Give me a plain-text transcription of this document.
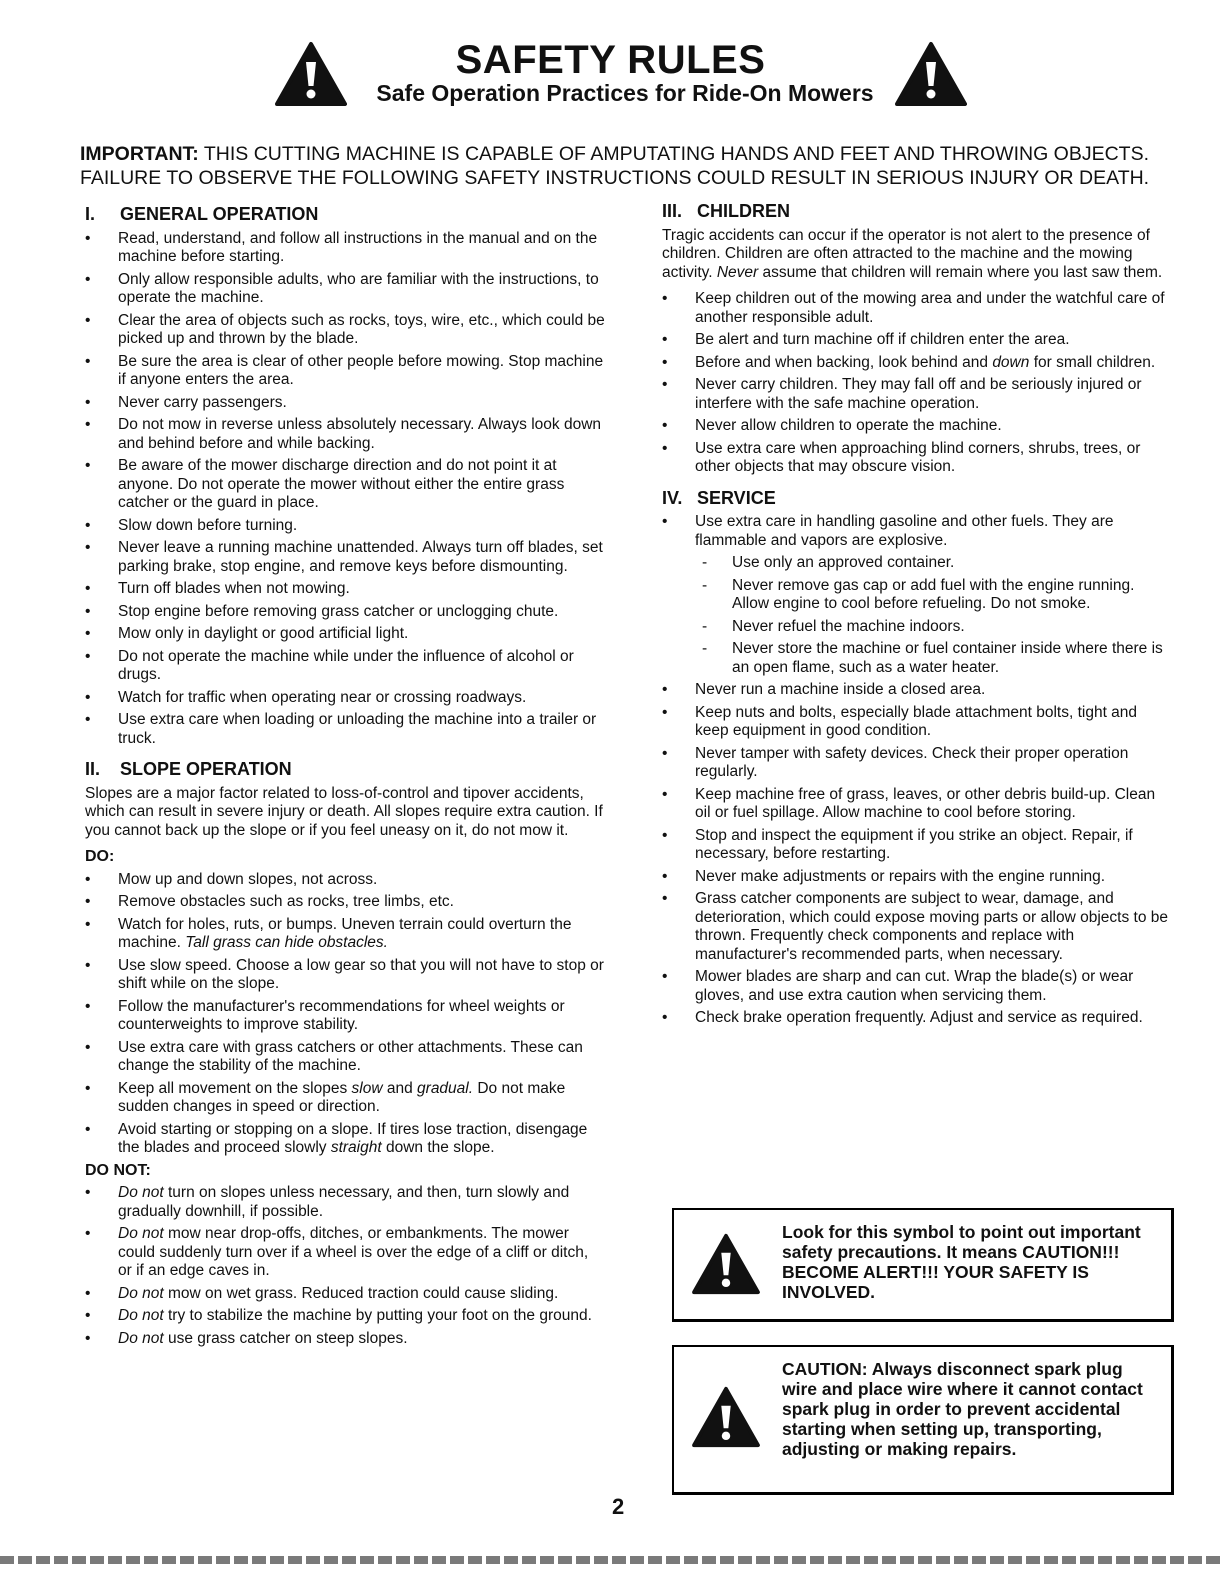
SAFETY RULES
Safe Operation Practices for Ride-On Mowers
IMPORTANT: THIS CUTTING MACHINE IS CAPABLE OF AMPUTATING HANDS AND FEET AND THROWING OBJECTS.
FAILURE TO OBSERVE THE FOLLOWING SAFETY INSTRUCTIONS COULD RESULT IN SERIOUS INJURY OR DEATH.
I.	GENERAL OPERATION
• Read, understand, and follow all instructions in the manual and on the machine before starting.
• Only allow responsible adults, who are familiar with the instructions, to operate the machine.
• Clear the area of objects such as rocks, toys, wire, etc., which could be picked up and thrown by the blade.
• Be sure the area is clear of other people before mowing. Stop machine if anyone enters the area.
• Never carry passengers.
• Do not mow in reverse unless absolutely necessary. Always look down and behind before and while backing.
• Be aware of the mower discharge direction and do not point it at anyone. Do not operate the mower without either the entire grass catcher or the guard in place.
• Slow down before turning.
• Never leave a running machine unattended. Always turn off blades, set parking brake, stop engine, and remove keys before dismounting.
• Turn off blades when not mowing.
• Stop engine before removing grass catcher or unclogging chute.
• Mow only in daylight or good artificial light.
• Do not operate the machine while under the influence of alcohol or drugs.
• Watch for traffic when operating near or crossing roadways.
• Use extra care when loading or unloading the machine into a trailer or truck.
II.	SLOPE OPERATION

Slopes are a major factor related to loss-of-control and tipover accidents, which can result in severe injury or death. All slopes require extra caution. If you cannot back up the slope or if you feel uneasy on it, do not mow it.

DO:
• Mow up and down slopes, not across.
• Remove obstacles such as rocks, tree limbs, etc.
• Watch for holes, ruts, or bumps. Uneven terrain could overturn the machine. Tall grass can hide obstacles.
• Use slow speed. Choose a low gear so that you will not have to stop or shift while on the slope.
• Follow the manufacturer's recommendations for wheel weights or counterweights to improve stability.
• Use extra care with grass catchers or other attachments. These can change the stability of the machine.
• Keep all movement on the slopes slow and gradual. Do not make sudden changes in speed or direction.
• Avoid starting or stopping on a slope. If tires lose traction, disengage the blades and proceed slowly straight down the slope.
DO NOT:
• Do not turn on slopes unless necessary, and then, turn slowly and gradually downhill, if possible.
• Do not mow near drop-offs, ditches, or embankments. The mower could suddenly turn over if a wheel is over the edge of a cliff or ditch, or if an edge caves in.
• Do not mow on wet grass. Reduced traction could cause sliding.
• Do not try to stabilize the machine by putting your foot on the ground.
• Do not use grass catcher on steep slopes.
III. CHILDREN

Tragic accidents can occur if the operator is not alert to the presence of children. Children are often attracted to the machine and the mowing activity. Never assume that children will remain where you last saw them.

• Keep children out of the mowing area and under the watchful care of another responsible adult.
• Be alert and turn machine off if children enter the area.
• Before and when backing, look behind and down for small children.
• Never carry children. They may fall off and be seriously injured or interfere with the safe machine operation.
• Never allow children to operate the machine.
• Use extra care when approaching blind corners, shrubs, trees, or other objects that may obscure vision.
IV. SERVICE
• Use extra care in handling gasoline and other fuels. They are flammable and vapors are explosive.
- Use only an approved container.
- Never remove gas cap or add fuel with the engine running. Allow engine to cool before refueling. Do not smoke.
- Never refuel the machine indoors.
- Never store the machine or fuel container inside where there is an open flame, such as a water heater.
• Never run a machine inside a closed area.
• Keep nuts and bolts, especially blade attachment bolts, tight and keep equipment in good condition.
• Never tamper with safety devices. Check their proper operation regularly.
• Keep machine free of grass, leaves, or other debris build-up. Clean oil or fuel spillage. Allow machine to cool before storing.
• Stop and inspect the equipment if you strike an object. Repair, if necessary, before restarting.
• Never make adjustments or repairs with the engine running.
• Grass catcher components are subject to wear, damage, and deterioration, which could expose moving parts or allow objects to be thrown. Frequently check components and replace with manufacturer's recommended parts, when necessary.
• Mower blades are sharp and can cut. Wrap the blade(s) or wear gloves, and use extra caution when servicing them.
• Check brake operation frequently. Adjust and service as required.
Look for this symbol to point out important safety precautions. It means CAUTION!!! BECOME ALERT!!! YOUR SAFETY IS INVOLVED.
CAUTION: Always disconnect spark plug wire and place wire where it cannot contact spark plug in order to prevent accidental starting when setting up, transporting, adjusting or making repairs.
2
